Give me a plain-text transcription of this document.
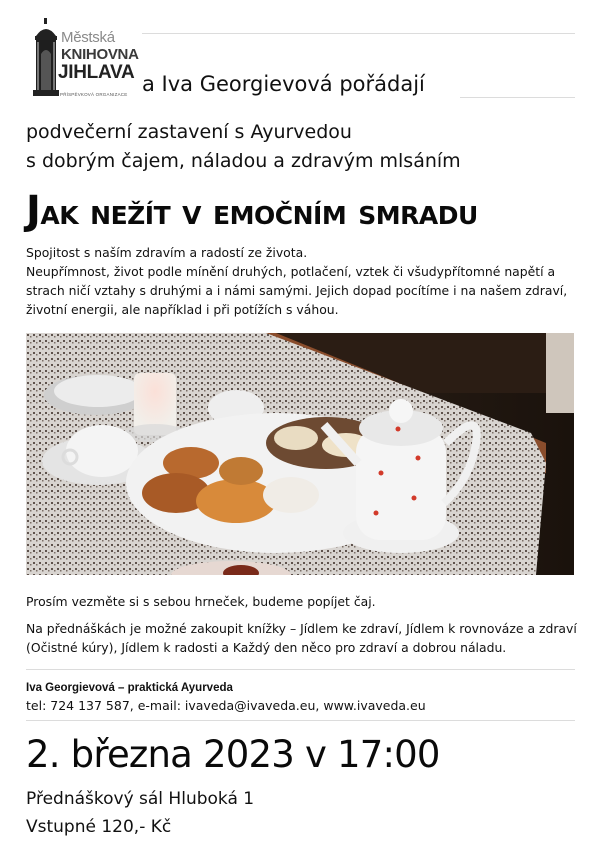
Městská
KNIHOVNA
JIHLAVA
PŘÍSPĚVKOVÁ ORGANIZACE a Iva Georgievová pořádají
podvečerní zastavení s Ayurvedou
s dobrým čajem, náladou a zdravým mlsáním
Jak nežít v emočním smradu
Spojitost s naším zdravím a radostí ze života.
Neupřímnost, život podle mínění druhých, potlačení, vztek či všudypřítomné napětí a strach ničí vztahy s druhými a i námi samými. Jejich dopad pocítíme i na našem zdraví, životní energii, ale například i při potížích s váhou.
Prosím vezměte si s sebou hrneček, budeme popíjet čaj.
Na přednáškách je možné zakoupit knížky – Jídlem ke zdraví, Jídlem k rovnováze a zdraví (Očistné kúry), Jídlem k radosti a Každý den něco pro zdraví a dobrou náladu.
Iva Georgievová – praktická Ayurveda
tel: 724 137 587, e-mail: ivaveda@ivaveda.eu, www.ivaveda.eu
2. března 2023 v 17:00
Přednáškový sál Hluboká 1
Vstupné 120,- Kč
